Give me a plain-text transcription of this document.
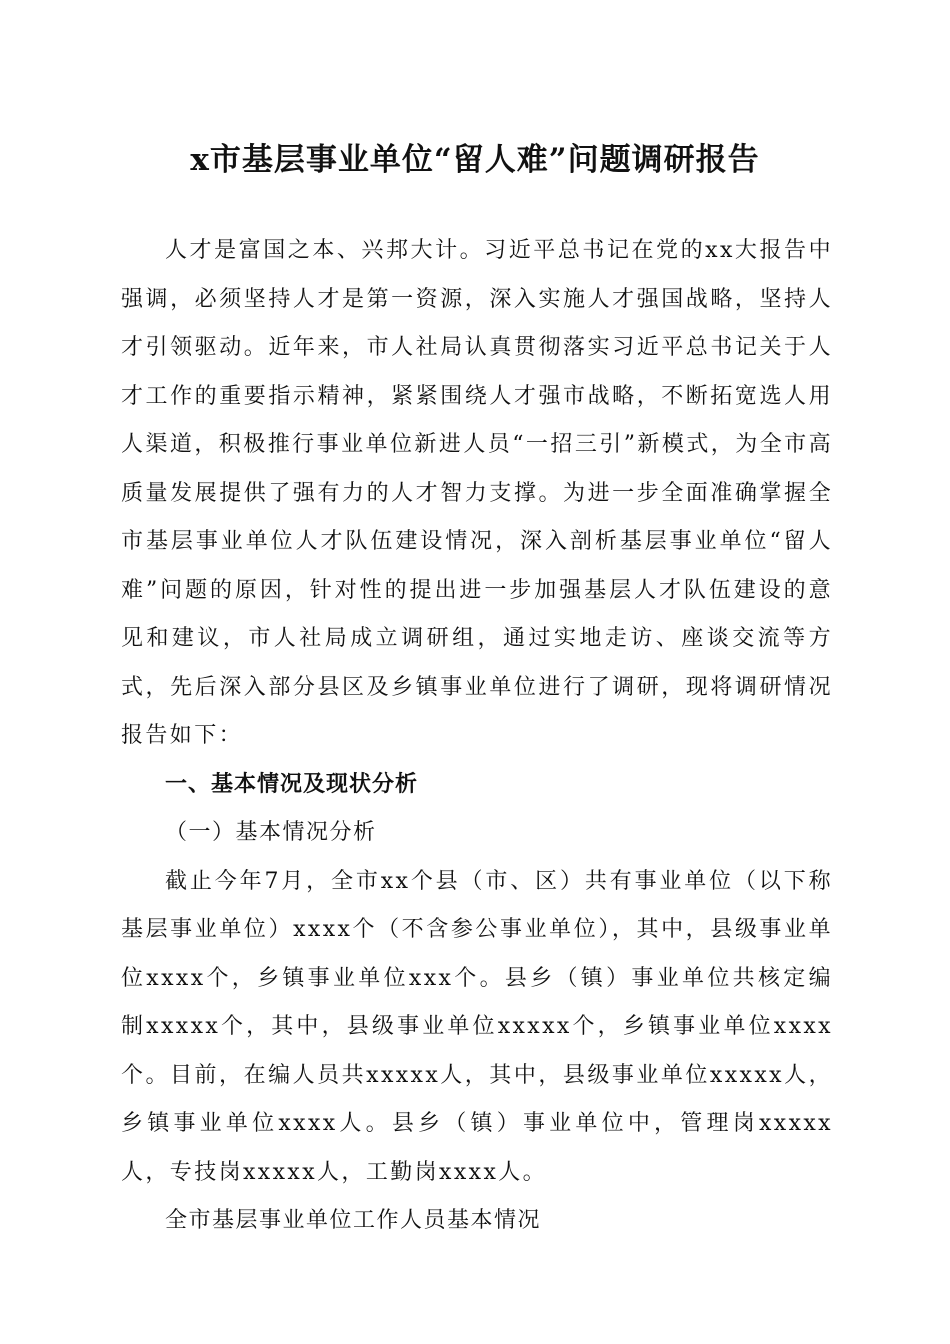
x市基层事业单位“留人难”问题调研报告

人才是富国之本、兴邦大计。习近平总书记在党的xx大报告中强调，必须坚持人才是第一资源，深入实施人才强国战略，坚持人才引领驱动。近年来，市人社局认真贯彻落实习近平总书记关于人才工作的重要指示精神，紧紧围绕人才强市战略，不断拓宽选人用人渠道，积极推行事业单位新进人员“一招三引”新模式，为全市高质量发展提供了强有力的人才智力支撑。为进一步全面准确掌握全市基层事业单位人才队伍建设情况，深入剖析基层事业单位“留人难”问题的原因，针对性的提出进一步加强基层人才队伍建设的意见和建议，市人社局成立调研组，通过实地走访、座谈交流等方式，先后深入部分县区及乡镇事业单位进行了调研，现将调研情况报告如下：

一、基本情况及现状分析

（一）基本情况分析

截止今年7月，全市xx个县（市、区）共有事业单位（以下称基层事业单位）xxxx个（不含参公事业单位），其中，县级事业单位xxxx个，乡镇事业单位xxx个。县乡（镇）事业单位共核定编制xxxxx个，其中，县级事业单位xxxxx个，乡镇事业单位xxxx个。目前，在编人员共xxxxx人，其中，县级事业单位xxxxx人，乡镇事业单位xxxx人。县乡（镇）事业单位中，管理岗xxxxx人，专技岗xxxxx人，工勤岗xxxx人。

全市基层事业单位工作人员基本情况
